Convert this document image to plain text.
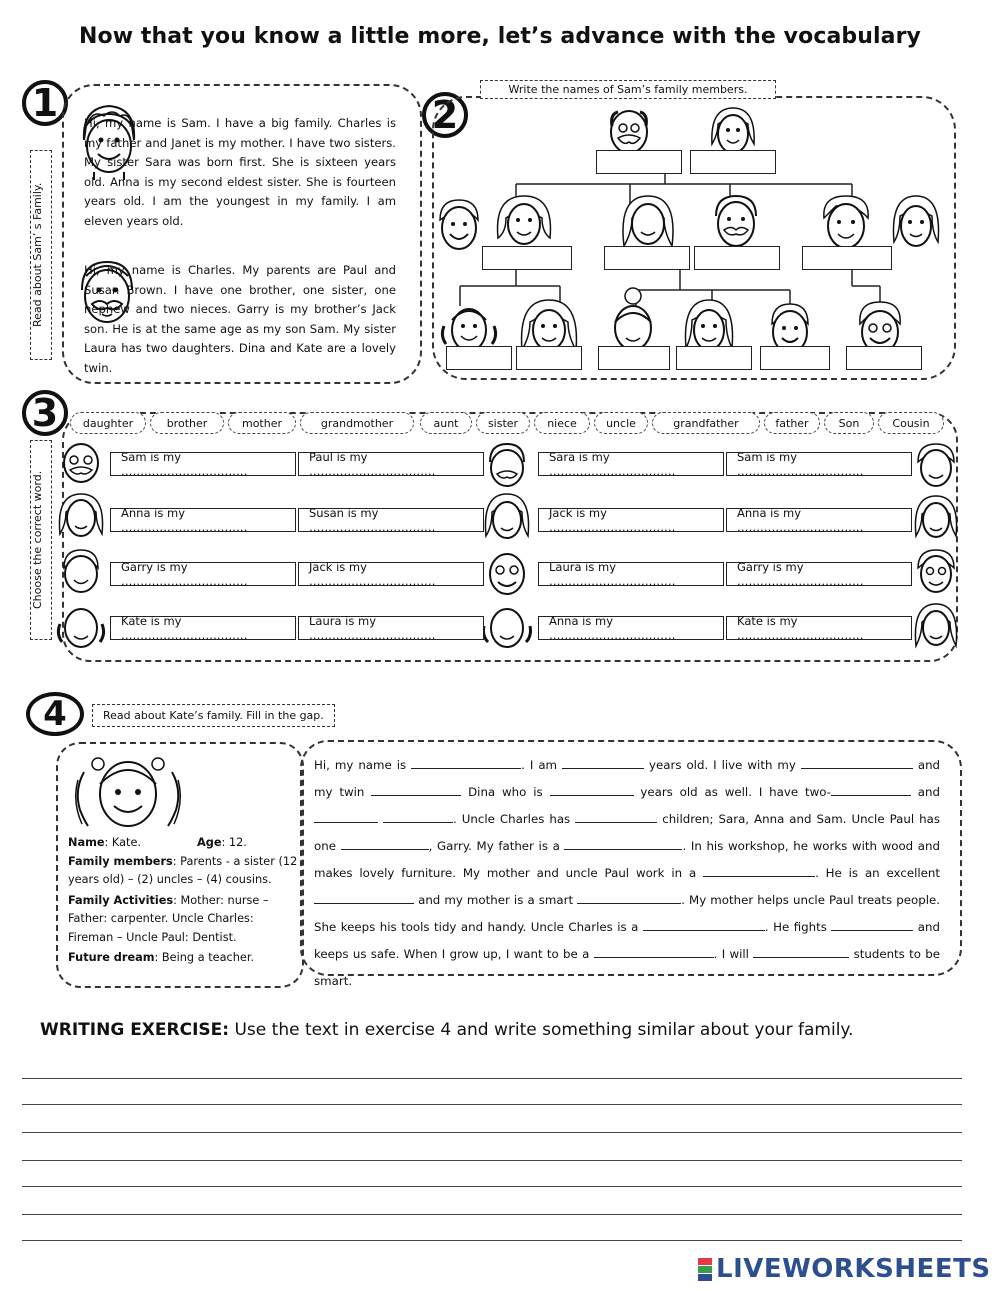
Now that you know a little more, let’s advance with the vocabulary
1
Read about Sam’ s Family.
Hi, my name is Sam. I have a big family. Charles is my father and Janet is my mother. I have two sisters. My sister Sara was born first. She is sixteen years old. Anna is my second eldest sister. She is fourteen years old. I am the youngest in my family. I am eleven years old.
Hi, my name is Charles. My parents are Paul and Susan Brown. I have one brother, one sister, one nephew and two nieces. Garry is my brother’s Jack son. He is at the same age as my son Sam. My sister Laura has two daughters. Dina and Kate are a lovely twin.
2
Write the names of Sam’s family members.
3
Choose the correct word.
daughter	brother	mother	grandmother	aunt	sister	niece	uncle	grandfather	father	Son	Cousin
Sam is my ……………………………
Paul is my ……………………………
Sara is my ……………………………
Sam is my ……………………………
Anna is my ……………………………
Susan is my ……………………………
Jack is my ……………………………
Anna is my ……………………………
Garry is my ……………………………
Jack is my ……………………………
Laura is my ……………………………
Garry is my ……………………………
Kate is my ……………………………
Laura is my ……………………………
Anna is my ……………………………
Kate is my ……………………………
4	Read about Kate’s family. Fill in the gap.
Name: Kate.	Age: 12.
Family members: Parents - a sister (12 years old) – (2) uncles – (4) cousins.
Family Activities: Mother: nurse – Father: carpenter. Uncle Charles: Fireman – Uncle Paul: Dentist.
Future dream: Being a teacher.
Hi, my name is	. I am	years old. I live with my	and my twin	Dina who is	years old as well. I have two-	and  . Uncle Charles has	children; Sara, Anna and Sam. Uncle Paul has one	, Garry. My father is a	. In his workshop, he works with wood and makes lovely furniture. My mother and uncle Paul work in a	. He is an excellent  and my mother is a smart	. My mother helps uncle Paul treats people. She keeps his tools tidy and handy. Uncle Charles is a	. He fights	and keeps us safe. When I grow up, I want to be a	. I will	students to be smart.
WRITING EXERCISE: Use the text in exercise 4 and write something similar about your family.
LIVEWORKSHEETS
